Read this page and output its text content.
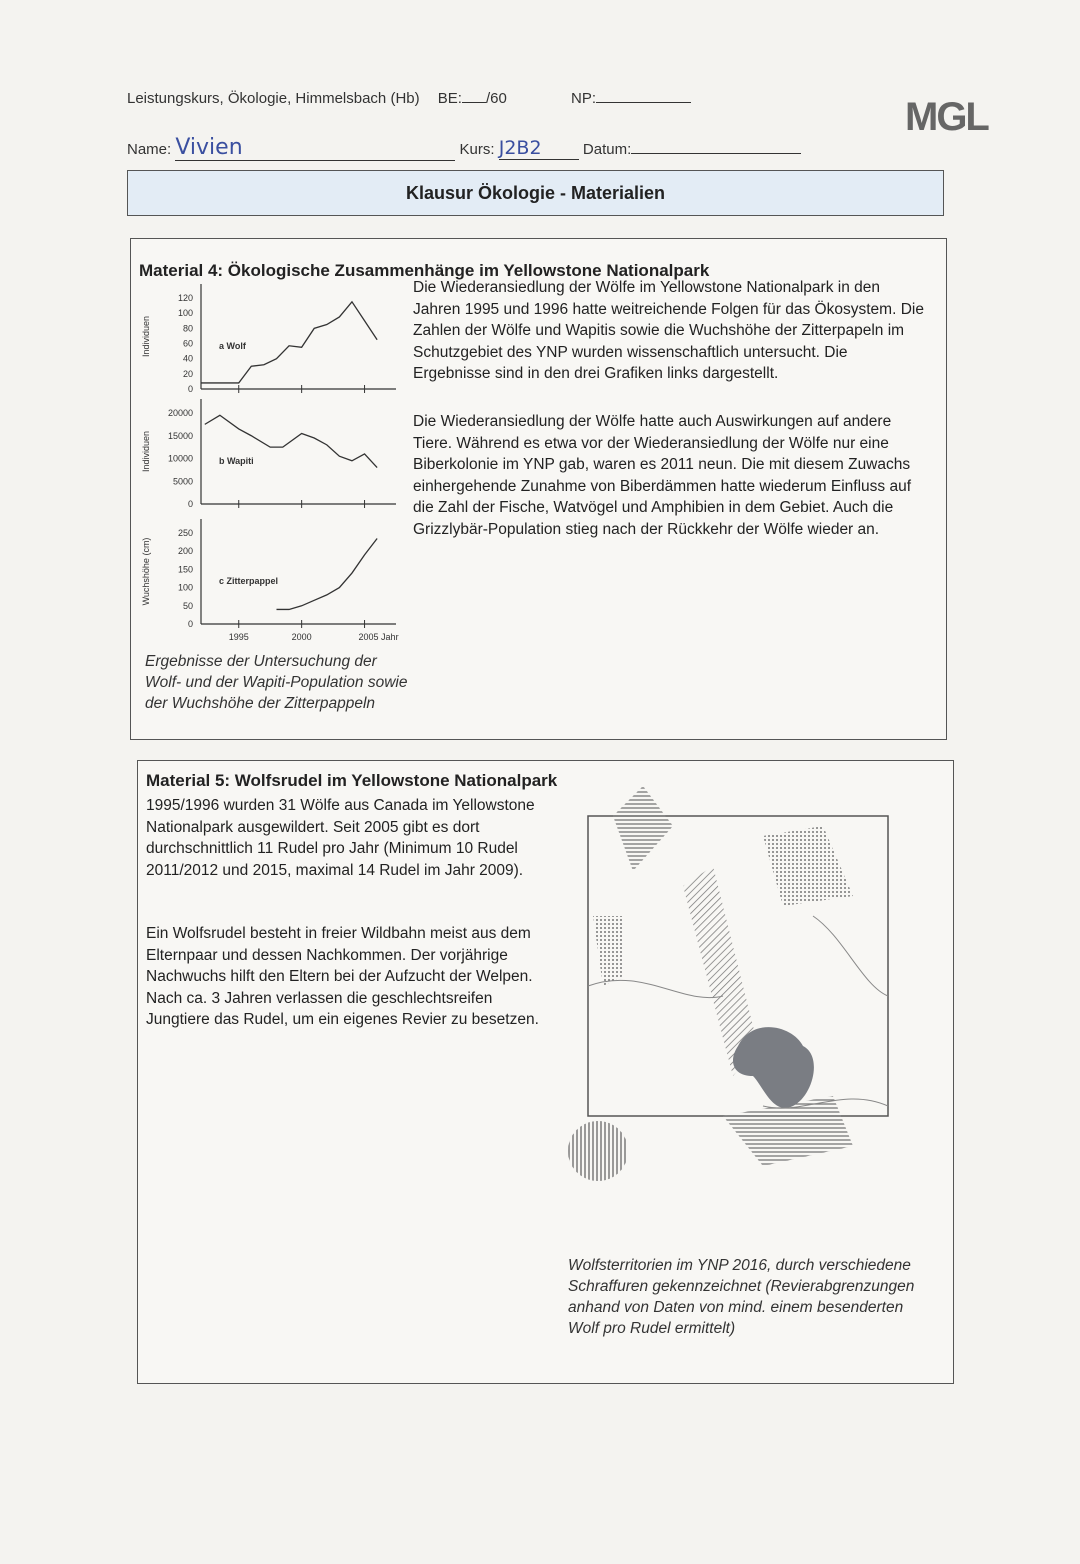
Leistungskurs, Ökologie, Himmelsbach (Hb) BE: /60	NP:
Name: Vivien	Kurs: J2B2	Datum:
MGL
Klausur Ökologie - Materialien
Material 4: Ökologische Zusammenhänge im Yellowstone Nationalpark
Die Wiederansiedlung der Wölfe im Yellowstone Nationalpark in den Jahren 1995 und 1996 hatte weitreichende Folgen für das Ökosystem. Die Zahlen der Wölfe und Wapitis sowie die Wuchshöhe der Zitterpapeln im Schutzgebiet des YNP wurden wissenschaftlich untersucht. Die Ergebnisse sind in den drei Grafiken links dargestellt.
Die Wiederansiedlung der Wölfe hatte auch Auswirkungen auf andere Tiere. Während es etwa vor der Wiederansiedlung der Wölfe nur eine Biberkolonie im YNP gab, waren es 2011 neun. Die mit diesem Zuwachs einhergehende Zunahme von Biberdämmen hatte wiederum Einfluss auf die Zahl der Fische, Watvögel und Amphibien in dem Gebiet. Auch die Grizzlybär-Population stieg nach der Rückkehr der Wölfe wieder an.
0
20
40
60
80
100
120
Individuen	a Wolf
0
5000
10000
15000
20000
Individuen	b Wapiti
0
50
100
150
200
250
Wuchshöhe (cm)	c Zitterpappel
1995	2000	2005 Jahr
Ergebnisse der Untersuchung der Wolf- und der Wapiti-Population sowie der Wuchshöhe der Zitterpappeln
Material 5: Wolfsrudel im Yellowstone Nationalpark
1995/1996 wurden 31 Wölfe aus Canada im Yellowstone Nationalpark ausgewildert. Seit 2005 gibt es dort durchschnittlich 11 Rudel pro Jahr (Minimum 10 Rudel 2011/2012 und 2015, maximal 14 Rudel im Jahr 2009).
Ein Wolfsrudel besteht in freier Wildbahn meist aus dem Elternpaar und dessen Nachkommen. Der vorjährige Nachwuchs hilft den Eltern bei der Aufzucht der Welpen. Nach ca. 3 Jahren verlassen die geschlechtsreifen Jungtiere das Rudel, um ein eigenes Revier zu besetzen.
Wolfsterritorien im YNP 2016, durch verschiedene Schraffuren gekennzeichnet (Revierabgrenzungen anhand von Daten von mind. einem besenderten Wolf pro Rudel ermittelt)
